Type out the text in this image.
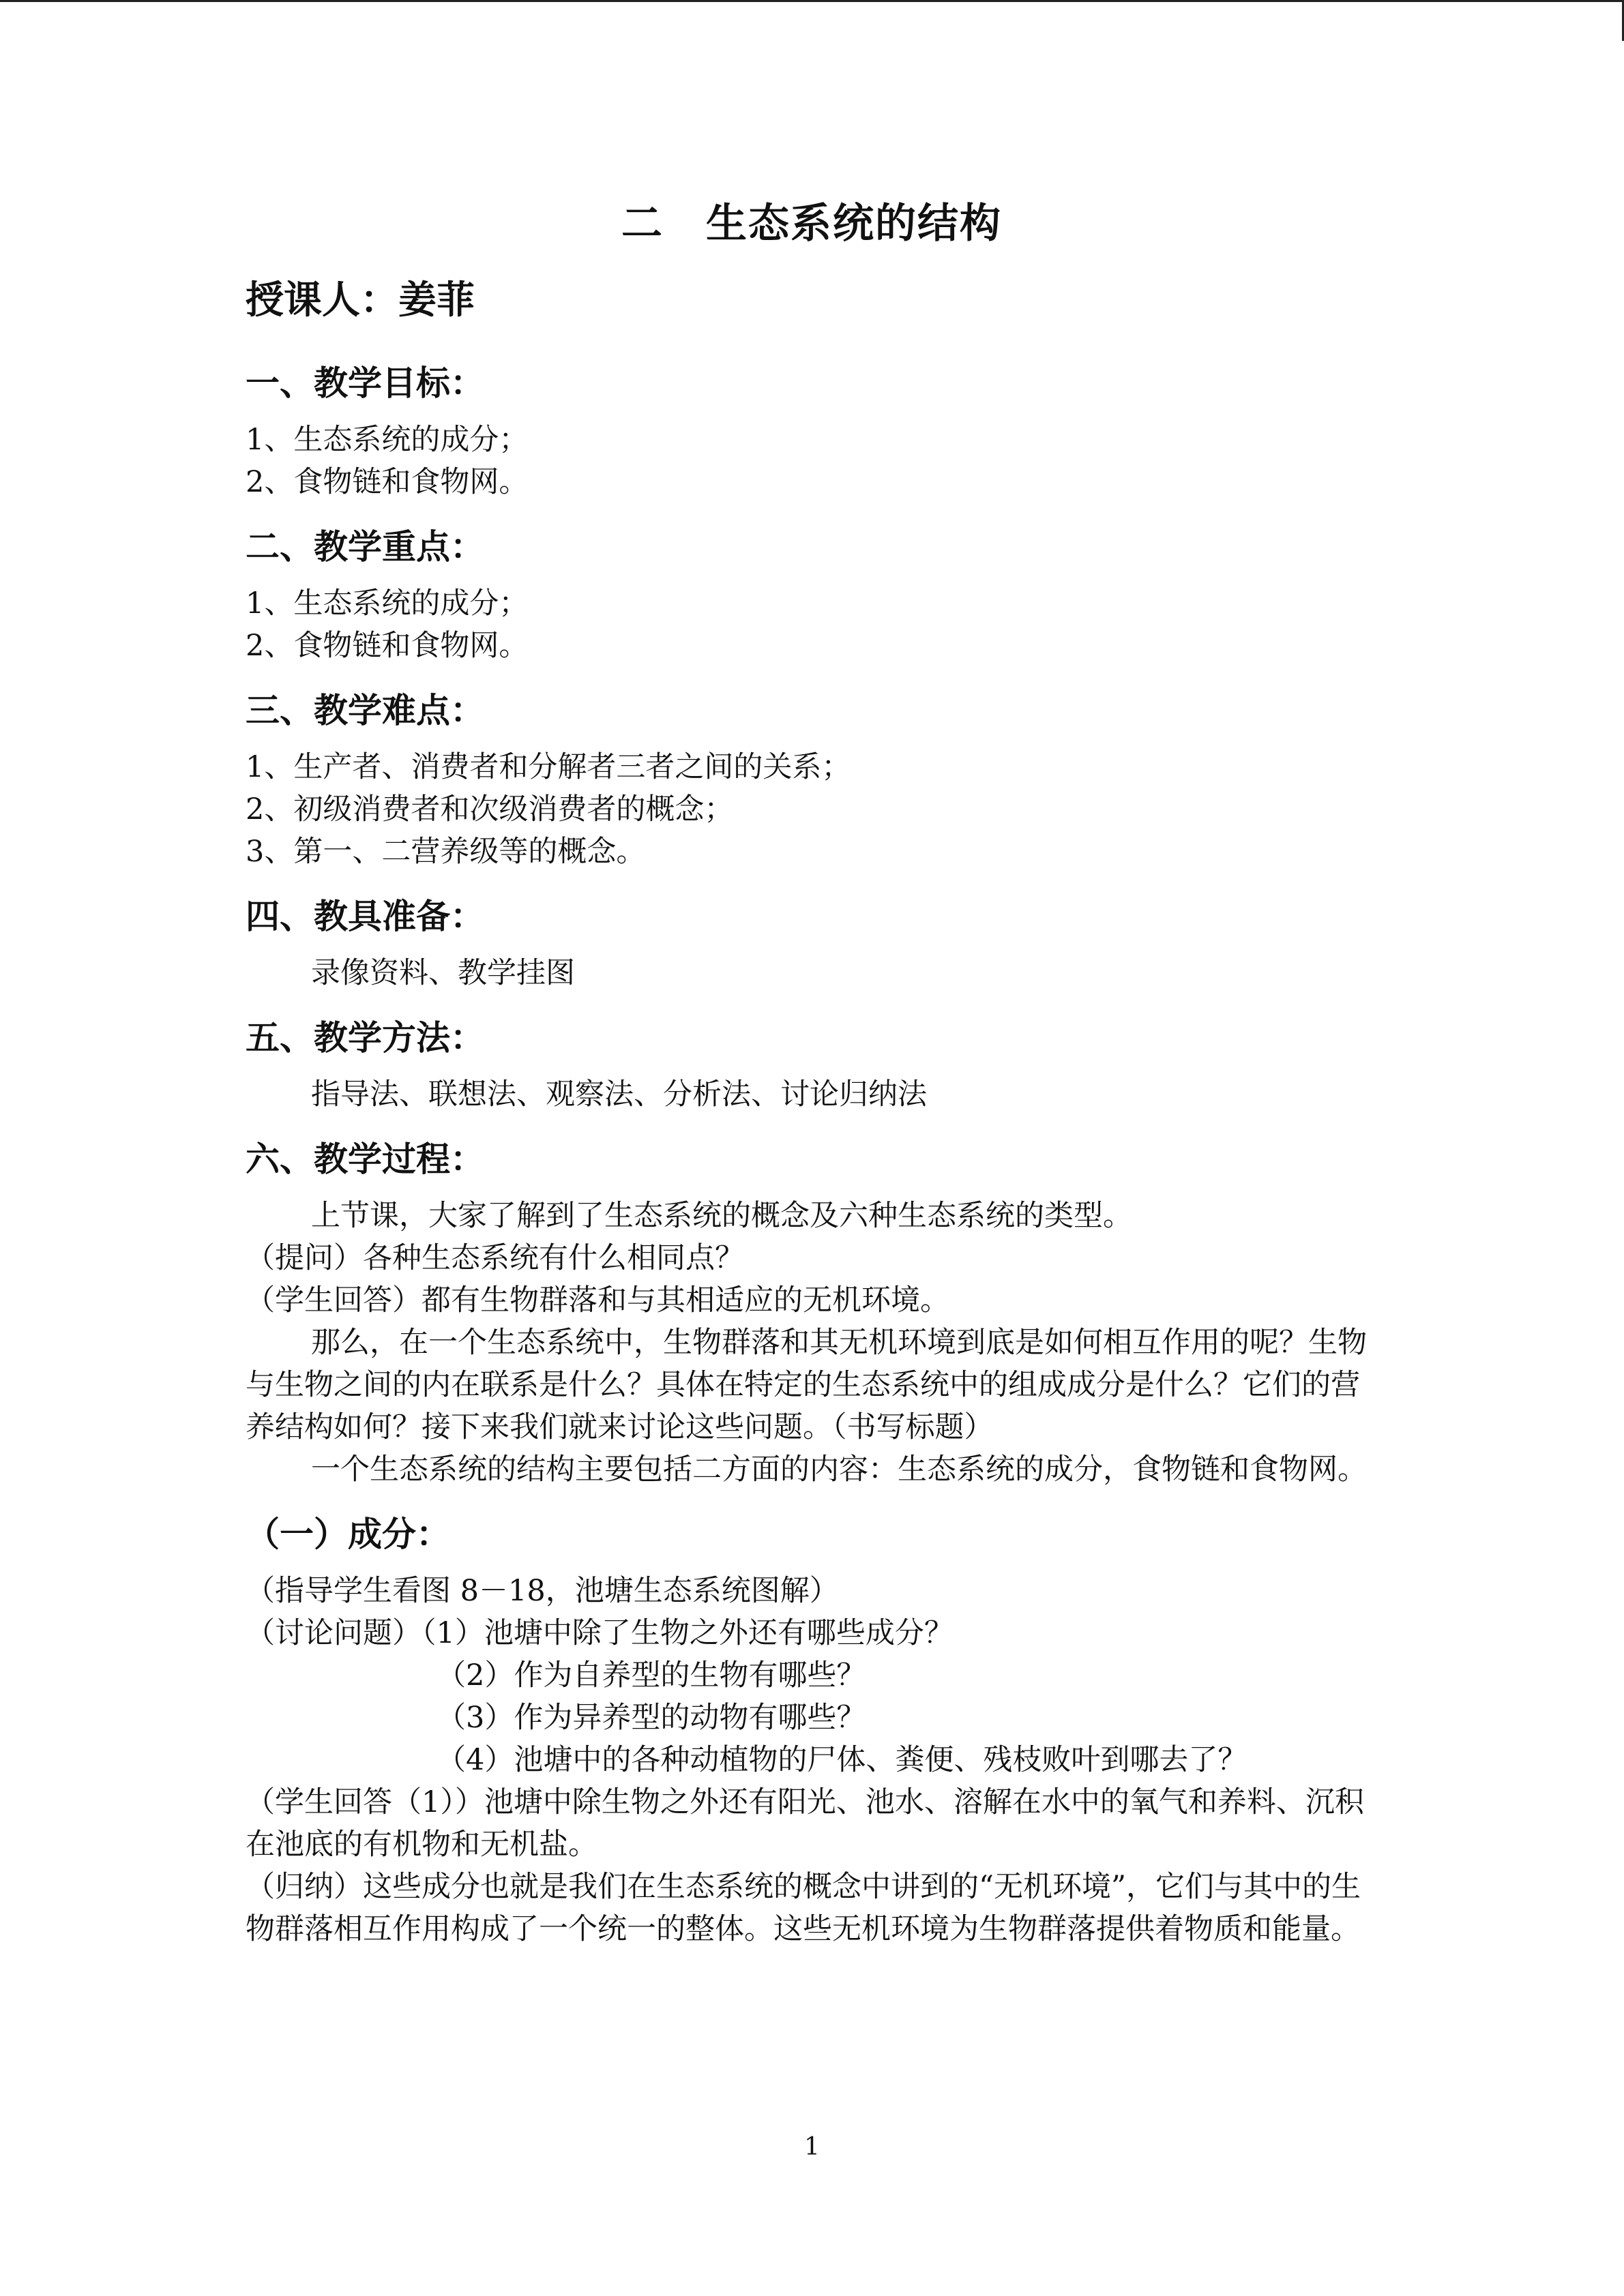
二　生态系统的结构
授课人：姜菲
一、教学目标：

1、生态系统的成分；

2、食物链和食物网。

二、教学重点：

1、生态系统的成分；

2、食物链和食物网。

三、教学难点：

1、生产者、消费者和分解者三者之间的关系；

2、初级消费者和次级消费者的概念；

3、第一、二营养级等的概念。

四、教具准备：

录像资料、教学挂图

五、教学方法：

指导法、联想法、观察法、分析法、讨论归纳法

六、教学过程：

上节课，大家了解到了生态系统的概念及六种生态系统的类型。

（提问）各种生态系统有什么相同点？

（学生回答）都有生物群落和与其相适应的无机环境。

那么，在一个生态系统中，生物群落和其无机环境到底是如何相互作用的呢？生物与生物之间的内在联系是什么？具体在特定的生态系统中的组成成分是什么？它们的营养结构如何？接下来我们就来讨论这些问题。（书写标题）

一个生态系统的结构主要包括二方面的内容：生态系统的成分，食物链和食物网。

（一）成分：

（指导学生看图 8－18，池塘生态系统图解）

（讨论问题）（1）池塘中除了生物之外还有哪些成分？

（2）作为自养型的生物有哪些？

（3）作为异养型的动物有哪些？

（4）池塘中的各种动植物的尸体、粪便、残枝败叶到哪去了？

（学生回答（1））池塘中除生物之外还有阳光、池水、溶解在水中的氧气和养料、沉积在池底的有机物和无机盐。

（归纳）这些成分也就是我们在生态系统的概念中讲到的“无机环境”，它们与其中的生物群落相互作用构成了一个统一的整体。这些无机环境为生物群落提供着物质和能量。

1
